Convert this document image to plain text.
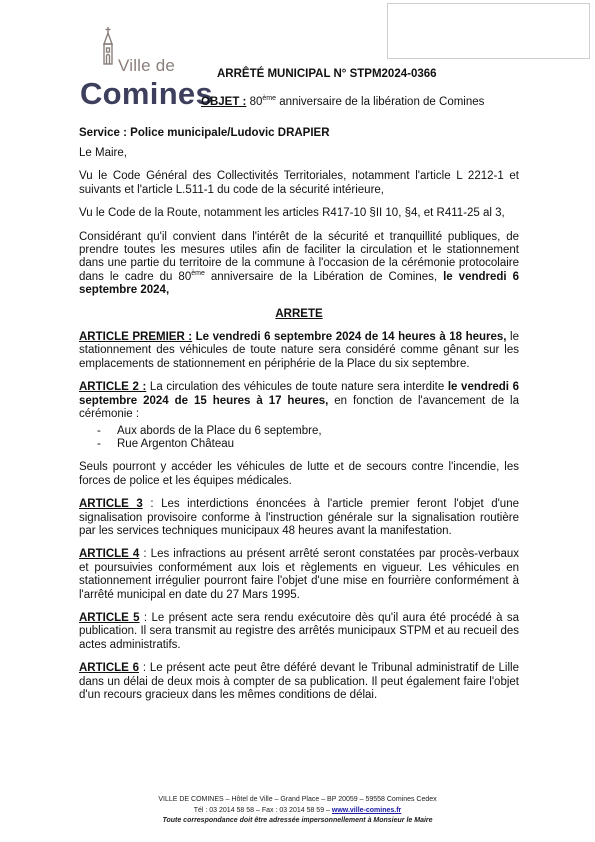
Ville de
Comines
ARRÊTÉ MUNICIPAL N° STPM2024-0366
OBJET : 80ème anniversaire de la libération de Comines
Service : Police municipale/Ludovic DRAPIER

Le Maire,

Vu le Code Général des Collectivités Territoriales, notamment l'article L 2212-1 et suivants et l'article L.511-1 du code de la sécurité intérieure,

Vu le Code de la Route, notamment les articles R417-10 §II 10, §4, et R411-25 al 3,

Considérant qu'il convient dans l'intérêt de la sécurité et tranquillité publiques, de prendre toutes les mesures utiles afin de faciliter la circulation et le stationnement dans une partie du territoire de la commune à l'occasion de la cérémonie protocolaire dans le cadre du 80ème anniversaire de la Libération de Comines, le vendredi 6 septembre 2024,

ARRETE

ARTICLE PREMIER : Le vendredi 6 septembre 2024 de 14 heures à 18 heures, le stationnement des véhicules de toute nature sera considéré comme gênant sur les emplacements de stationnement en périphérie de la Place du six septembre.

ARTICLE 2 : La circulation des véhicules de toute nature sera interdite le vendredi 6 septembre 2024 de 15 heures à 17 heures, en fonction de l'avancement de la cérémonie :

- Aux abords de la Place du 6 septembre,
- Rue Argenton Château

Seuls pourront y accéder les véhicules de lutte et de secours contre l'incendie, les forces de police et les équipes médicales.

ARTICLE 3 : Les interdictions énoncées à l'article premier feront l'objet d'une signalisation provisoire conforme à l'instruction générale sur la signalisation routière par les services techniques municipaux 48 heures avant la manifestation.

ARTICLE 4 : Les infractions au présent arrêté seront constatées par procès-verbaux et poursuivies conformément aux lois et règlements en vigueur. Les véhicules en stationnement irrégulier pourront faire l'objet d'une mise en fourrière conformément à l'arrêté municipal en date du 27 Mars 1995.

ARTICLE 5 : Le présent acte sera rendu exécutoire dès qu'il aura été procédé à sa publication. Il sera transmit au registre des arrêtés municipaux STPM et au recueil des actes administratifs.

ARTICLE 6 : Le présent acte peut être déféré devant le Tribunal administratif de Lille dans un délai de deux mois à compter de sa publication. Il peut également faire l'objet d'un recours gracieux dans les mêmes conditions de délai.

VILLE DE COMINES – Hôtel de Ville – Grand Place – BP 20059 – 59558 Comines Cedex
Tél : 03 2014 58 58 – Fax : 03 2014 58 59 – www.ville-comines.fr
Toute correspondance doit être adressée impersonnellement à Monsieur le Maire
